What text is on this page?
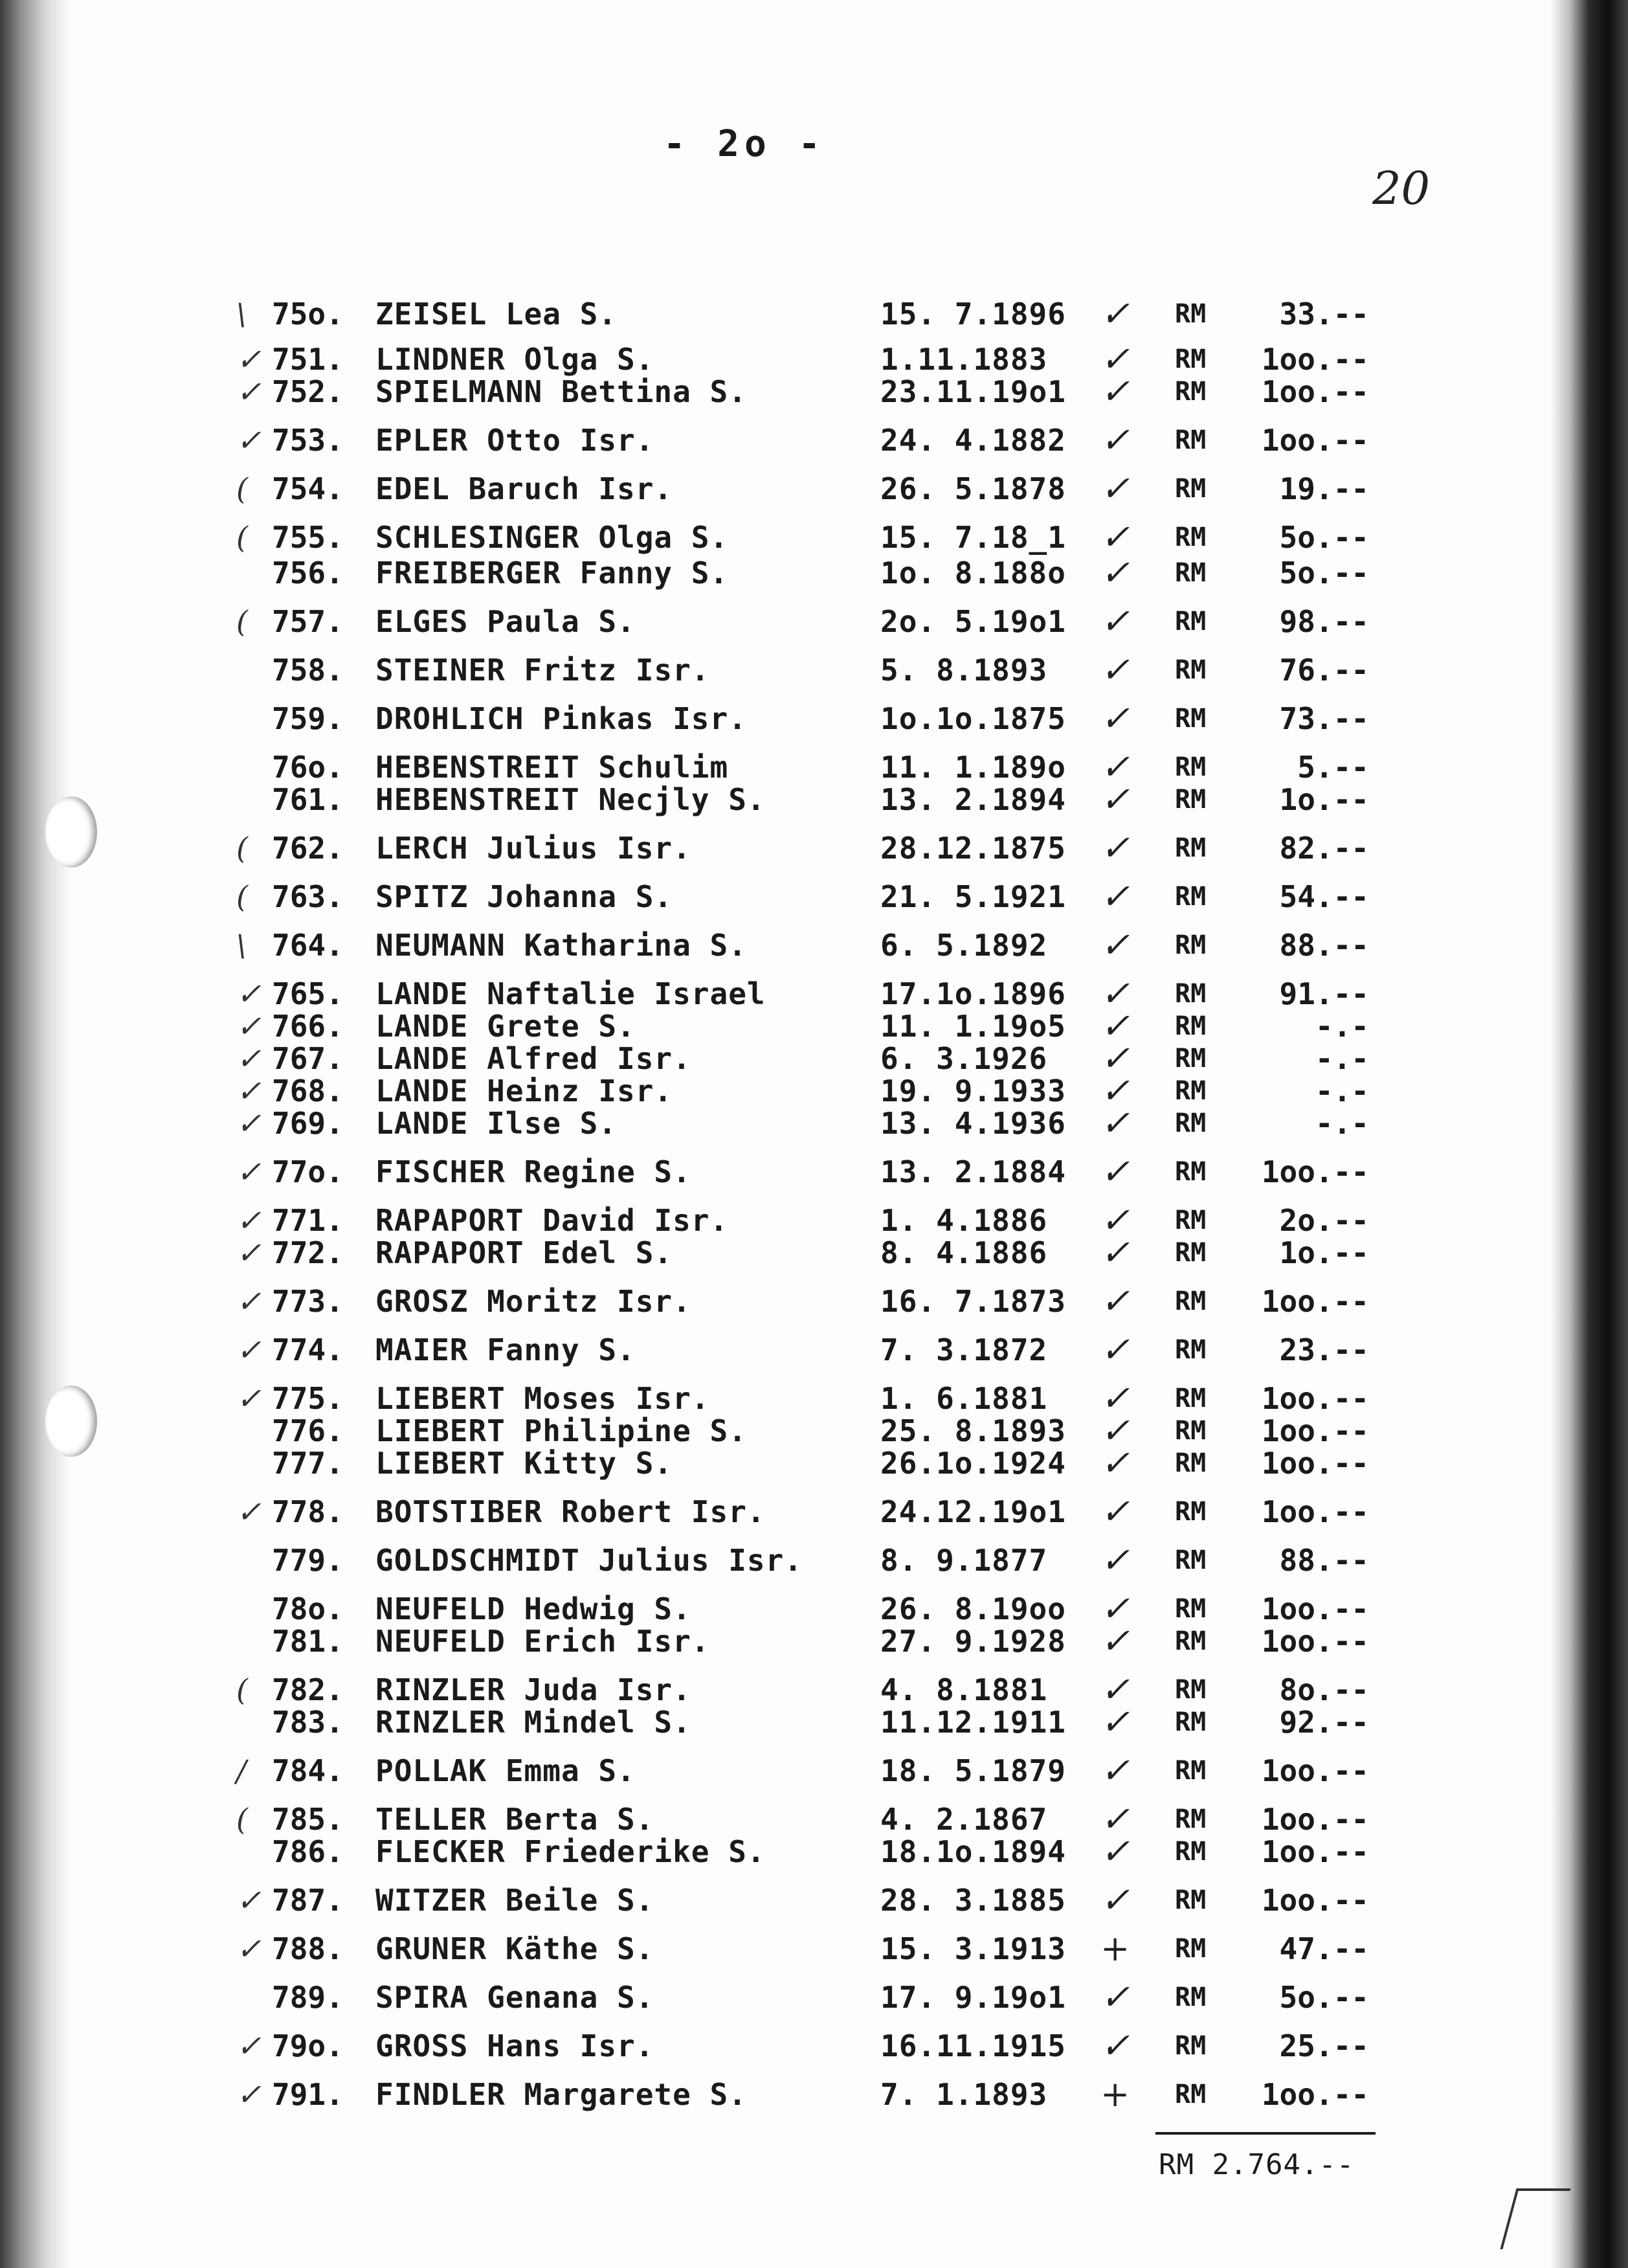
- 2o -
20
\ 75o. ZEISEL Lea S.	15. 7.1896 ✓ RM	33.--
✓ 751. LINDNER Olga S.	1.11.1883 ✓ RM	1oo.--
✓ 752. SPIELMANN Bettina S.	23.11.19o1 ✓ RM	1oo.--
✓ 753. EPLER Otto Isr.	24. 4.1882 ✓ RM	1oo.--
( 754. EDEL Baruch Isr.	26. 5.1878 ✓ RM	19.--
( 755. SCHLESINGER Olga S.	15. 7.18_1 ✓ RM	5o.--
756. FREIBERGER Fanny S.	1o. 8.188o ✓ RM	5o.--
( 757. ELGES Paula S.	2o. 5.19o1 ✓ RM	98.--
758. STEINER Fritz Isr.	5. 8.1893 ✓ RM	76.--
759. DROHLICH Pinkas Isr.	1o.1o.1875 ✓ RM	73.--
76o. HEBENSTREIT Schulim	11. 1.189o ✓ RM	5.--
761. HEBENSTREIT Necjly S.	13. 2.1894 ✓ RM	1o.--
( 762. LERCH Julius Isr.	28.12.1875 ✓ RM	82.--
( 763. SPITZ Johanna S.	21. 5.1921 ✓ RM	54.--
\ 764. NEUMANN Katharina S.	6. 5.1892 ✓ RM	88.--
✓ 765. LANDE Naftalie Israel	17.1o.1896 ✓ RM	91.--
✓ 766. LANDE Grete S.	11. 1.19o5 ✓ RM	-.-
✓ 767. LANDE Alfred Isr.	6. 3.1926 ✓ RM	-.-
✓ 768. LANDE Heinz Isr.	19. 9.1933 ✓ RM	-.-
✓ 769. LANDE Ilse S.	13. 4.1936 ✓ RM	-.-
✓ 77o. FISCHER Regine S.	13. 2.1884 ✓ RM	1oo.--
✓ 771. RAPAPORT David Isr.	1. 4.1886 ✓ RM	2o.--
✓ 772. RAPAPORT Edel S.	8. 4.1886 ✓ RM	1o.--
✓ 773. GROSZ Moritz Isr.	16. 7.1873 ✓ RM	1oo.--
✓ 774. MAIER Fanny S.	7. 3.1872 ✓ RM	23.--
✓ 775. LIEBERT Moses Isr.	1. 6.1881 ✓ RM	1oo.--
776. LIEBERT Philipine S.	25. 8.1893 ✓ RM	1oo.--
777. LIEBERT Kitty S.	26.1o.1924 ✓ RM	1oo.--
✓ 778. BOTSTIBER Robert Isr.	24.12.19o1 ✓ RM	1oo.--
779. GOLDSCHMIDT Julius Isr.	8. 9.1877 ✓ RM	88.--
78o. NEUFELD Hedwig S.	26. 8.19oo ✓ RM	1oo.--
781. NEUFELD Erich Isr.	27. 9.1928 ✓ RM	1oo.--
( 782. RINZLER Juda Isr.	4. 8.1881 ✓ RM	8o.--
783. RINZLER Mindel S.	11.12.1911 ✓ RM	92.--
/ 784. POLLAK Emma S.	18. 5.1879 ✓ RM	1oo.--
( 785. TELLER Berta S.	4. 2.1867 ✓ RM	1oo.--
786. FLECKER Friederike S.	18.1o.1894 ✓ RM	1oo.--
✓ 787. WITZER Beile S.	28. 3.1885 ✓ RM	1oo.--
✓ 788. GRUNER Käthe S.	15. 3.1913 + RM	47.--
789. SPIRA Genana S.	17. 9.19o1 ✓ RM	5o.--
✓ 79o. GROSS Hans Isr.	16.11.1915 ✓ RM	25.--
✓ 791. FINDLER Margarete S.	7. 1.1893 + RM	1oo.--
RM 2.764.--
